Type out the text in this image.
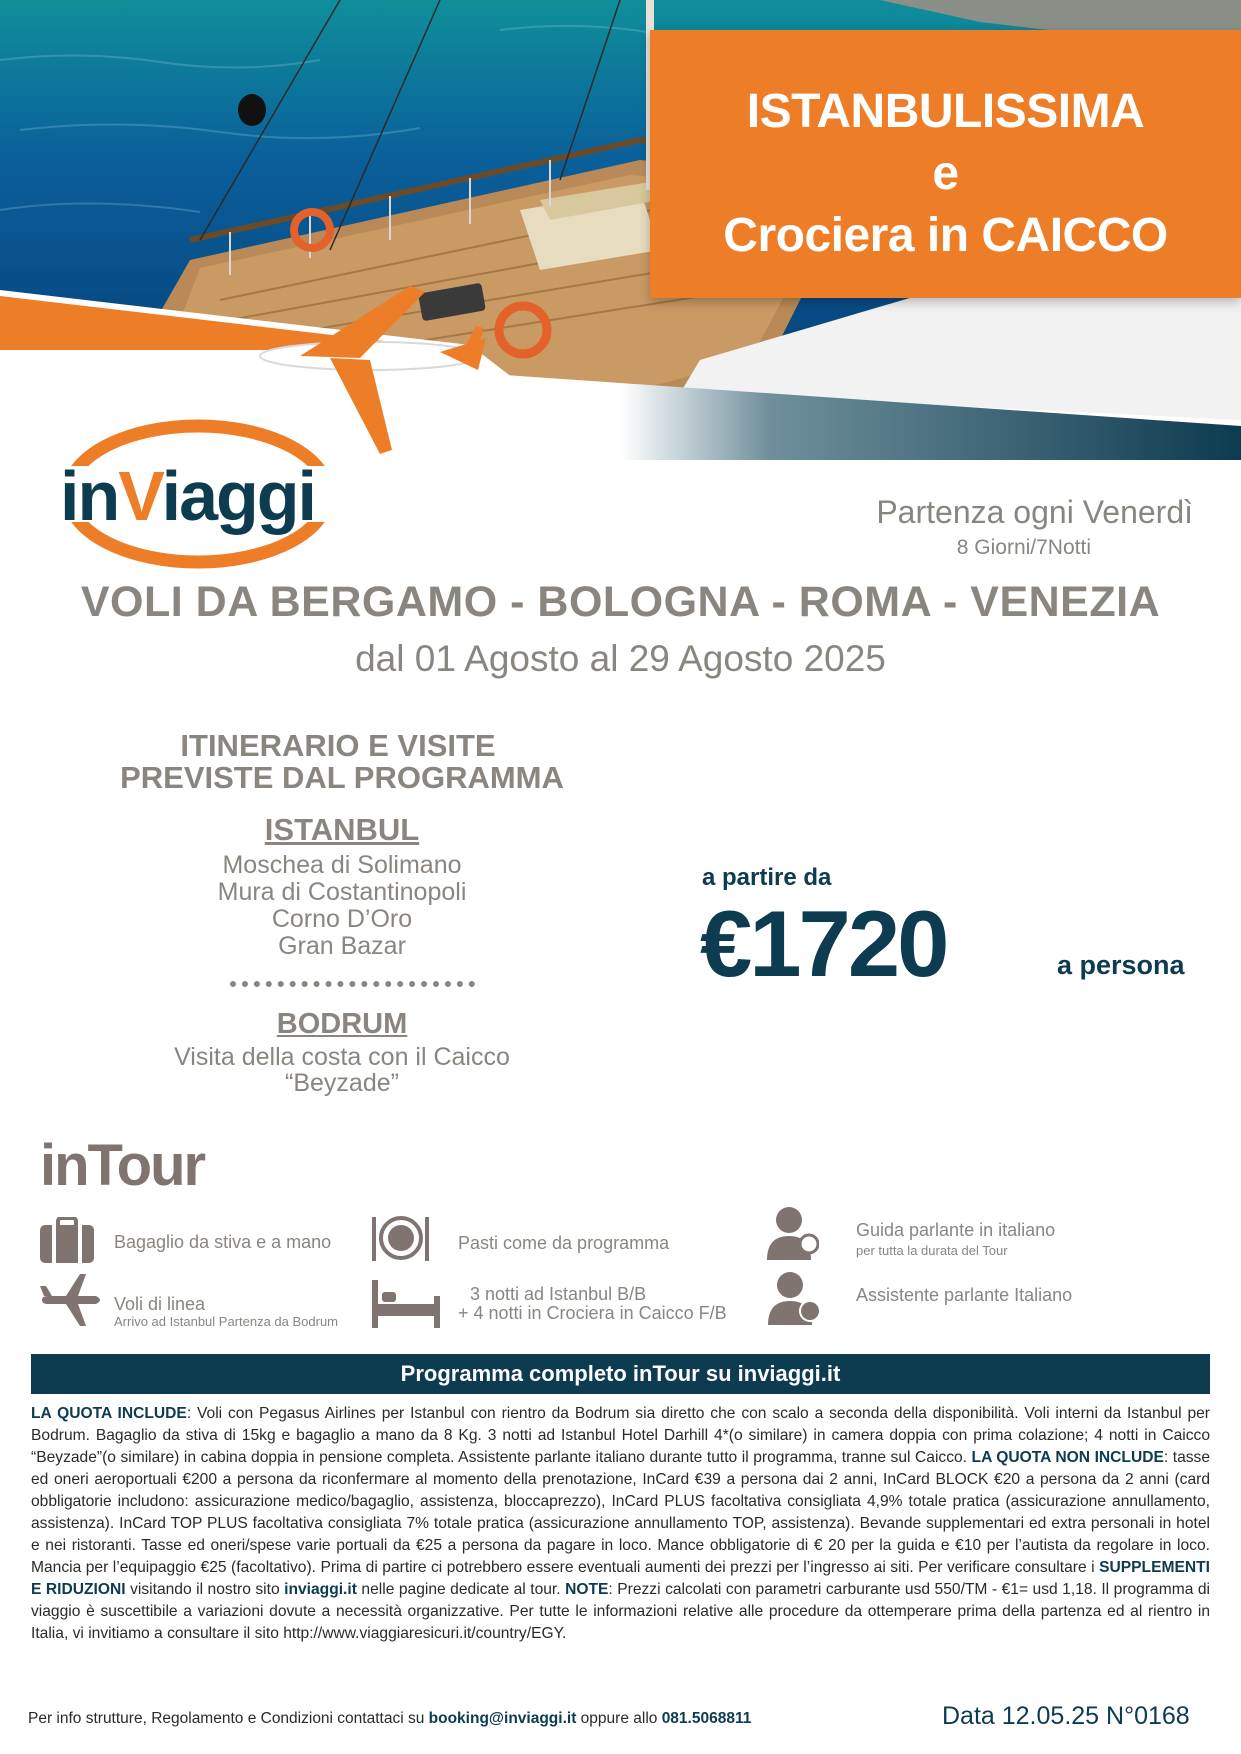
ISTANBULISSIMA
e
Crociera in CAICCO
inViaggi	Partenza ogni Venerdì
8 Giorni/7Notti
VOLI DA BERGAMO - BOLOGNA - ROMA - VENEZIA
dal 01 Agosto al 29 Agosto 2025
ITINERARIO E VISITE
PREVISTE DAL PROGRAMMA
ISTANBUL
Moschea di Solimano
Mura di Costantinopoli
Corno D’Oro
Gran Bazar
BODRUM
Visita della costa con il Caicco
“Beyzade”
a partire da
€1720	a persona
inTour
Bagaglio da stiva e a mano	Pasti come da programma
Guida parlante in italiano
per tutta la durata del Tour
Voli di linea
Arrivo ad Istanbul Partenza da Bodrum
3 notti ad Istanbul B/B
+ 4 notti in Crociera in Caicco F/B
Assistente parlante Italiano
Programma completo inTour su inviaggi.it
LA QUOTA INCLUDE: Voli con Pegasus Airlines per Istanbul con rientro da Bodrum sia diretto che con scalo a seconda della disponibilità. Voli interni da Istanbul per Bodrum. Bagaglio da stiva di 15kg e bagaglio a mano da 8 Kg. 3 notti ad Istanbul Hotel Darhill 4*(o similare) in camera doppia con prima colazione; 4 notti in Caicco “Beyzade”(o similare) in cabina doppia in pensione completa. Assistente parlante italiano durante tutto il programma, tranne sul Caicco. LA QUOTA NON INCLUDE: tasse ed oneri aeroportuali €200 a persona da riconfermare al momento della prenotazione, InCard €39 a persona dai 2 anni, InCard BLOCK €20 a persona da 2 anni (card obbligatorie includono: assicurazione medico/bagaglio, assistenza, bloccaprezzo), InCard PLUS facoltativa consigliata 4,9% totale pratica (assicurazione annullamento, assistenza). InCard TOP PLUS facoltativa consigliata 7% totale pratica (assicurazione annullamento TOP, assistenza). Bevande supplementari ed extra personali in hotel e nei ristoranti. Tasse ed oneri/spese varie portuali da €25 a persona da pagare in loco. Mance obbligatorie di € 20 per la guida e €10 per l’autista da regolare in loco. Mancia per l’equipaggio €25 (facoltativo). Prima di partire ci potrebbero essere eventuali aumenti dei prezzi per l’ingresso ai siti. Per verificare consultare i SUPPLEMENTI E RIDUZIONI visitando il nostro sito inviaggi.it nelle pagine dedicate al tour. NOTE: Prezzi calcolati con parametri carburante usd 550/TM - €1= usd 1,18. Il programma di viaggio è suscettibile a variazioni dovute a necessità organizzative. Per tutte le informazioni relative alle procedure da ottemperare prima della partenza ed al rientro in Italia, vi invitiamo a consultare il sito http://www.viaggiaresicuri.it/country/EGY.
Per info strutture, Regolamento e Condizioni contattaci su booking@inviaggi.it oppure allo 081.5068811	Data 12.05.25 N°0168
